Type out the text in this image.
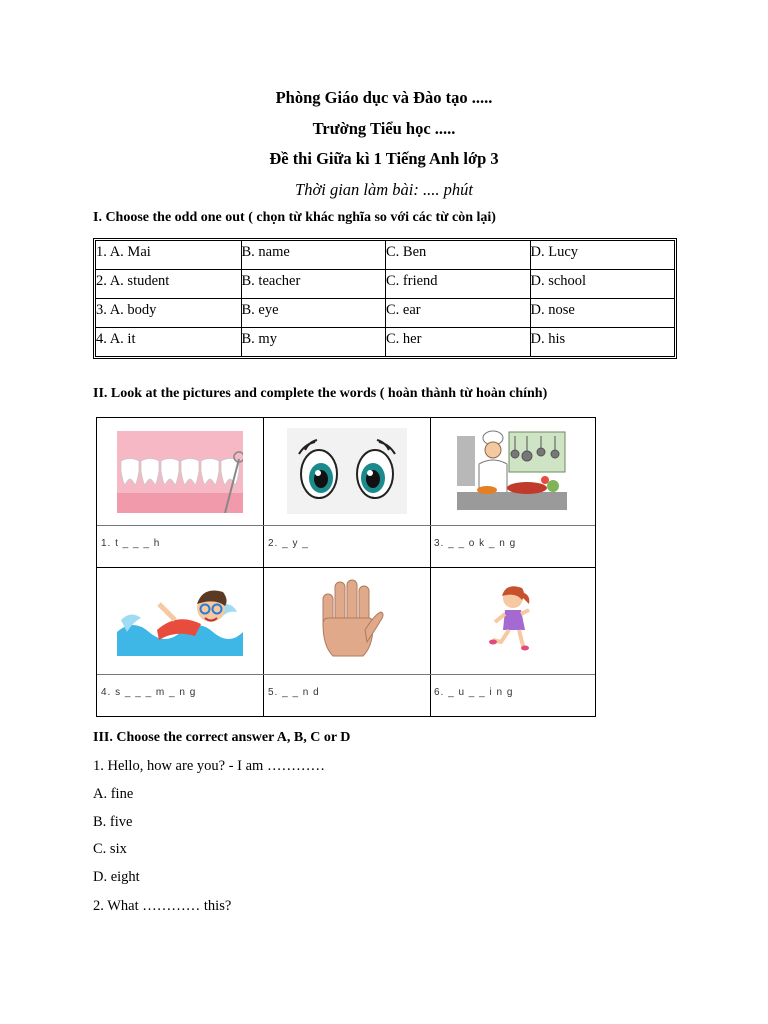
Phòng Giáo dục và Đào tạo .....
Trường Tiểu học .....
Đề thi Giữa kì 1 Tiếng Anh lớp 3
Thời gian làm bài: .... phút
I. Choose the odd one out ( chọn từ khác nghĩa so với các từ còn lại)
1. A. Mai	B. name	C. Ben	D. Lucy
2. A. student	B. teacher	C. friend	D. school
3. A. body	B. eye	C. ear	D. nose
4. A. it	B. my	C. her	D. his
II. Look at the pictures and complete the words ( hoàn thành từ hoàn chính)
1. t _ _ _ h	2. _ y _	3. _ _ o k _ n g
4. s _ _ _ m _ n g	5. _ _ n d	6. _ u _ _ i n g
III. Choose the correct answer A, B, C or D
1. Hello, how are you? - I am …………
A. fine
B. five
C. six
D. eight
2. What ………… this?
